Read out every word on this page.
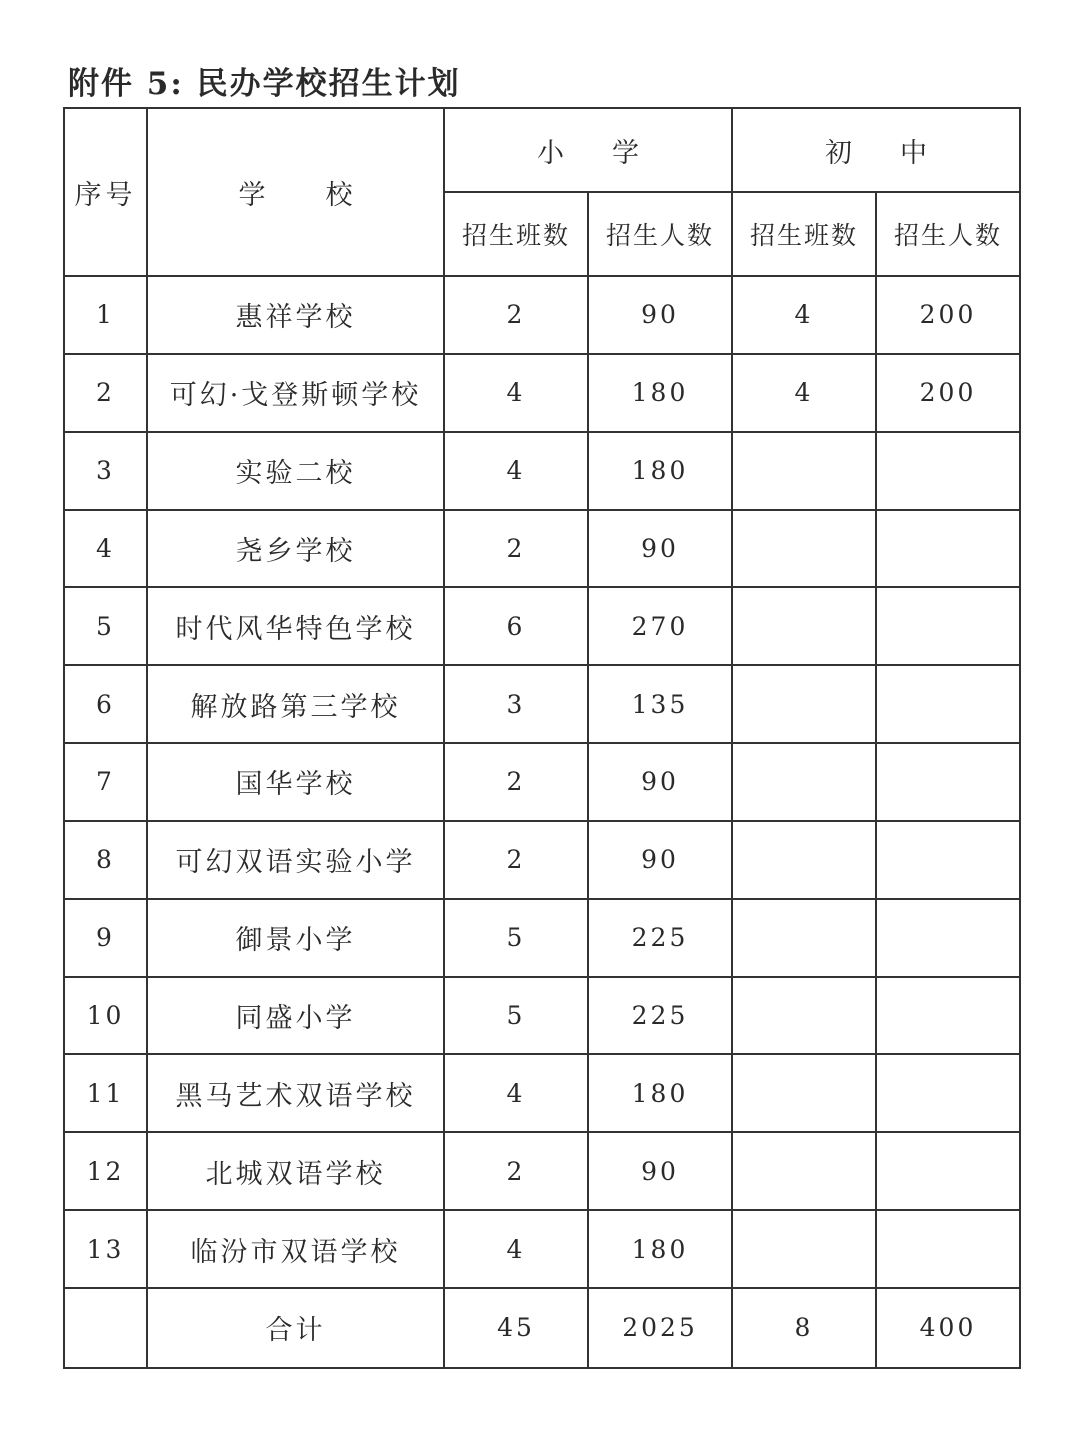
附件 5: 民办学校招生计划
序号	学校	小学		初中	
		招生班数	招生人数	招生班数	招生人数
1	惠祥学校	2	90	4	200
2	可幻·戈登斯顿学校	4	180	4	200
3	实验二校	4	180		
4	尧乡学校	2	90		
5	时代风华特色学校	6	270		
6	解放路第三学校	3	135		
7	国华学校	2	90		
8	可幻双语实验小学	2	90		
9	御景小学	5	225		
10	同盛小学	5	225		
11	黑马艺术双语学校	4	180		
12	北城双语学校	2	90		
13	临汾市双语学校	4	180		
	合计	45	2025	8	400
